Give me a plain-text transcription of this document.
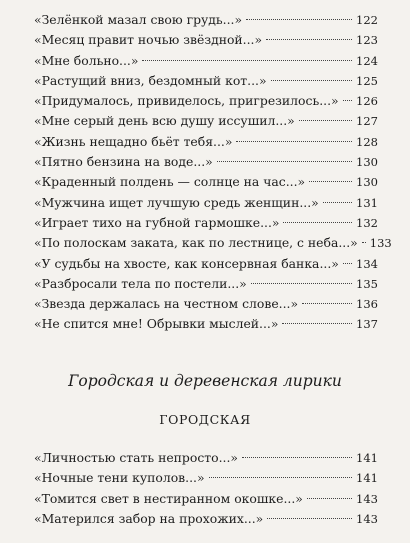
«Зелёнкой мазал свою грудь...»	122
«Месяц правит ночью звёздной...»	123
«Мне больно...»	124
«Растущий вниз, бездомный кот...»	125
«Придумалось, привиделось, пригрезилось...» 126
«Мне серый день всю душу иссушил...»	127
«Жизнь нещадно бьёт тебя...»	128
«Пятно бензина на воде...»	130
«Краденный полдень — солнце на час...»	130
«Мужчина ищет лучшую средь женщин...»	131
«Играет тихо на губной гармошке...»	132
«По полоскам заката, как по лестнице, с неба...» 133
«У судьбы на хвосте, как консервная банка...» 134
«Разбросали тела по постели...»	135
«Звезда держалась на честном слове...»	136
«Не спится мне! Обрывки мыслей...»	137
Городская и деревенская лирики
ГОРОДСКАЯ
«Личностью стать непросто...»	141
«Ночные тени куполов...»	141
«Томится свет в нестиранном окошке...»	143
«Матерился забор на прохожих...»	143
